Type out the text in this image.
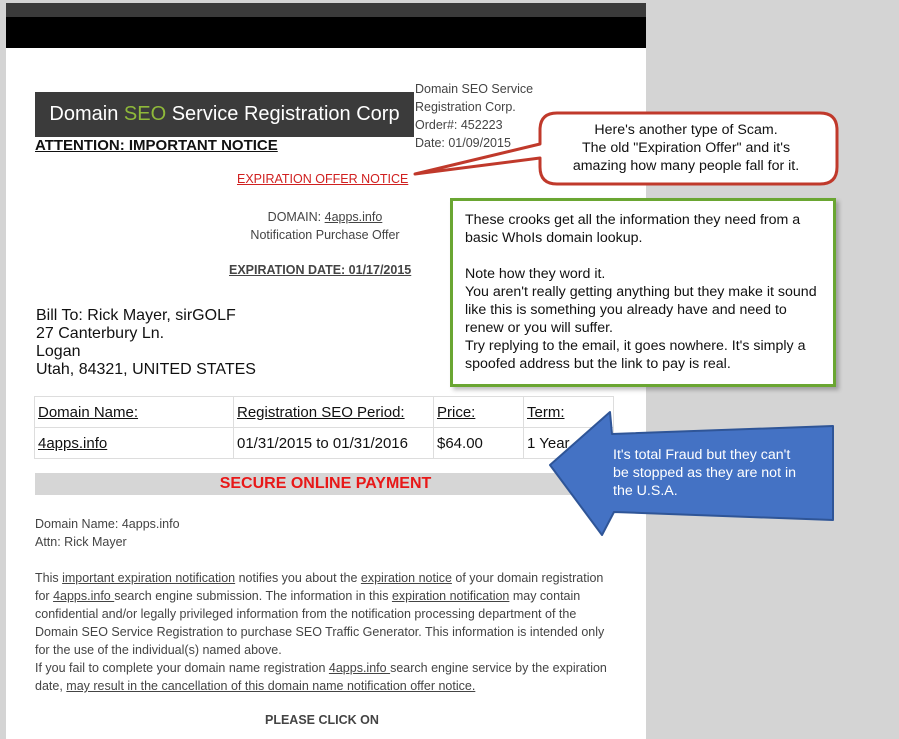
Domain SEO Service Registration Corp
Domain SEO Service
Registration Corp.
Order#: 452223
Date: 01/09/2015
ATTENTION: IMPORTANT NOTICE
EXPIRATION OFFER NOTICE
DOMAIN: 4apps.info
Notification Purchase Offer
EXPIRATION DATE: 01/17/2015
Bill To: Rick Mayer, sirGOLF
27 Canterbury Ln.
Logan
Utah, 84321, UNITED STATES
Domain Name:	Registration SEO Period:	Price:	Term:
4apps.info	01/31/2015 to 01/31/2016	$64.00	1 Year
SECURE ONLINE PAYMENT
Domain Name: 4apps.info
Attn: Rick Mayer
This important expiration notification notifies you about the expiration notice of your domain registration for 4apps.info search engine submission. The information in this expiration notification may contain confidential and/or legally privileged information from the notification processing department of the Domain SEO Service Registration to purchase SEO Traffic Generator. This information is intended only for the use of the individual(s) named above.
If you fail to complete your domain name registration 4apps.info search engine service by the expiration date, may result in the cancellation of this domain name notification offer notice.
PLEASE CLICK ON
Here's another type of Scam.
The old "Expiration Offer" and it's
amazing how many people fall for it.

These crooks get all the information they need from a basic WhoIs domain lookup.

Note how they word it.

You aren't really getting anything but they make it sound like this is something you already have and need to renew or you will suffer.

Try replying to the email, it goes nowhere. It's simply a spoofed address but the link to pay is real.

It's total Fraud but they can't be stopped as they are not in the U.S.A.
